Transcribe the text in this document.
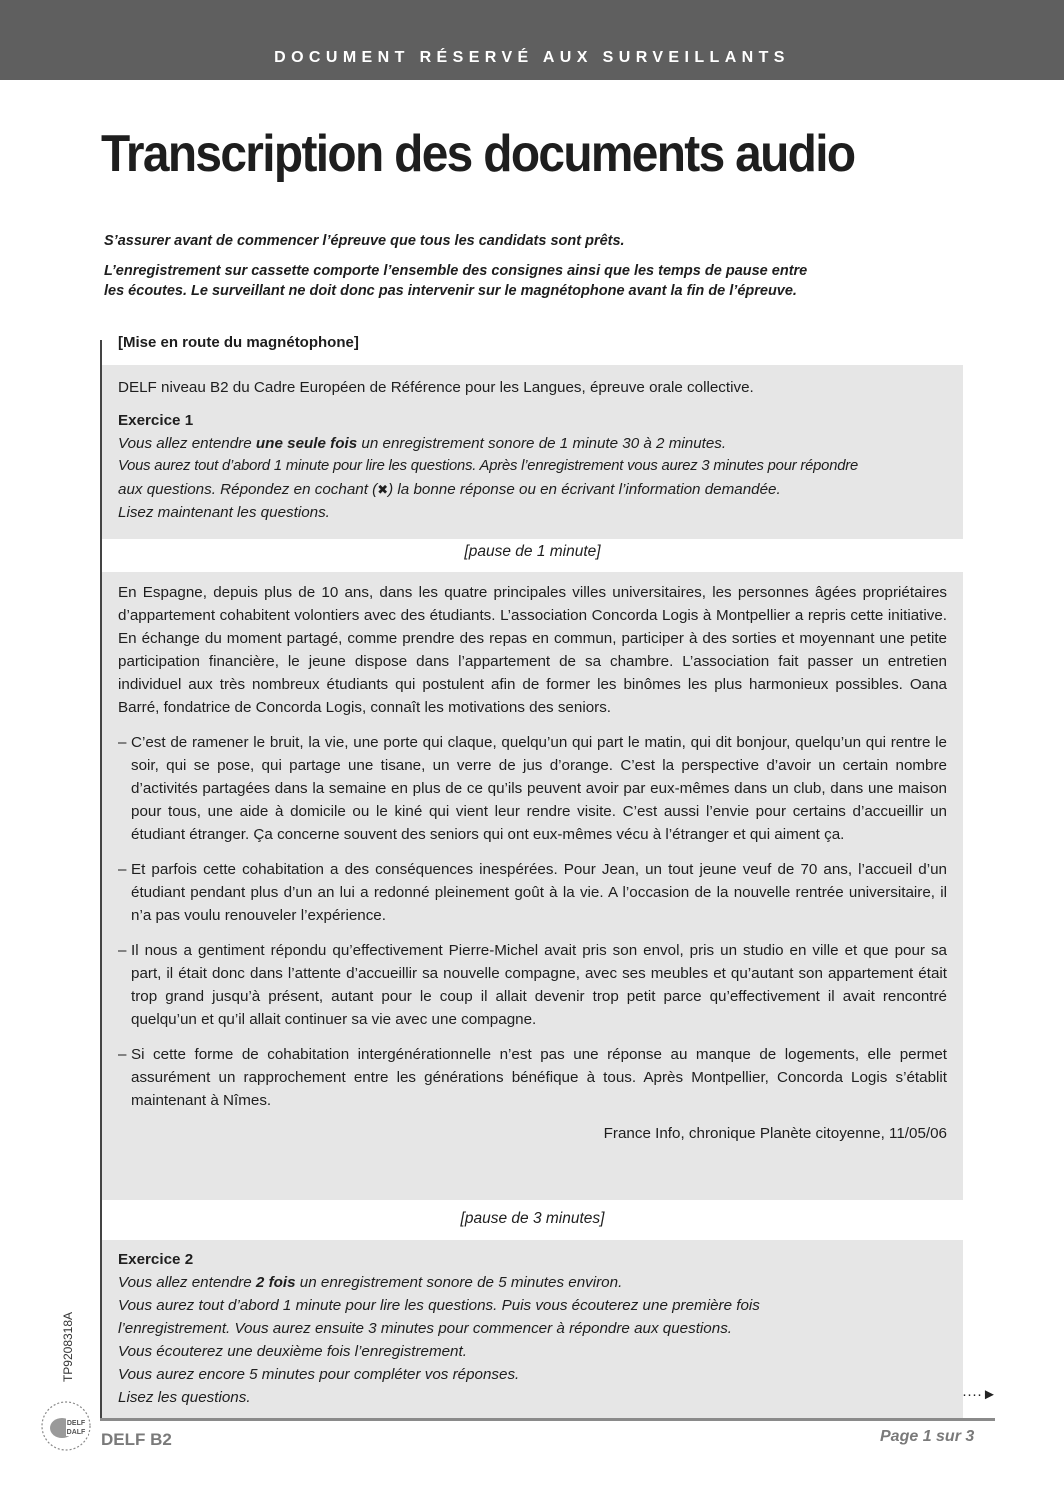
DOCUMENT RÉSERVÉ AUX SURVEILLANTS
Transcription des documents audio

S’assurer avant de commencer l’épreuve que tous les candidats sont prêts.

L’enregistrement sur cassette comporte l’ensemble des consignes ainsi que les temps de pause entre

les écoutes. Le surveillant ne doit donc pas intervenir sur le magnétophone avant la fin de l’épreuve.

[Mise en route du magnétophone]

DELF niveau B2 du Cadre Européen de Référence pour les Langues, épreuve orale collective.

Exercice 1

Vous allez entendre une seule fois un enregistrement sonore de 1 minute 30 à 2 minutes.

Vous aurez tout d’abord 1 minute pour lire les questions. Après l’enregistrement vous aurez 3 minutes pour répondre

aux questions. Répondez en cochant (✖) la bonne réponse ou en écrivant l’information demandée.

Lisez maintenant les questions.

[pause de 1 minute]

En Espagne, depuis plus de 10 ans, dans les quatre principales villes universitaires, les personnes âgées propriétaires d’appartement cohabitent volontiers avec des étudiants. L’association Concorda Logis à Montpellier a repris cette initiative. En échange du moment partagé, comme prendre des repas en commun, participer à des sorties et moyennant une petite participation financière, le jeune dispose dans l’appartement de sa chambre. L’association fait passer un entretien individuel aux très nombreux étudiants qui postulent afin de former les binômes les plus harmonieux possibles. Oana Barré, fondatrice de Concorda Logis, connaît les motivations des seniors.

– C’est de ramener le bruit, la vie, une porte qui claque, quelqu’un qui part le matin, qui dit bonjour, quelqu’un qui rentre le soir, qui se pose, qui partage une tisane, un verre de jus d’orange. C’est la perspective d’avoir un certain nombre d’activités partagées dans la semaine en plus de ce qu’ils peuvent avoir par eux-mêmes dans un club, dans une maison pour tous, une aide à domicile ou le kiné qui vient leur rendre visite. C’est aussi l’envie pour certains d’accueillir un étudiant étranger. Ça concerne souvent des seniors qui ont eux-mêmes vécu à l’étranger et qui aiment ça.

– Et parfois cette cohabitation a des conséquences inespérées. Pour Jean, un tout jeune veuf de 70 ans, l’accueil d’un étudiant pendant plus d’un an lui a redonné pleinement goût à la vie. A l’occasion de la nouvelle rentrée universitaire, il n’a pas voulu renouveler l’expérience.

– Il nous a gentiment répondu qu’effectivement Pierre-Michel avait pris son envol, pris un studio en ville et que pour sa part, il était donc dans l’attente d’accueillir sa nouvelle compagne, avec ses meubles et qu’autant son appartement était trop grand jusqu’à présent, autant pour le coup il allait devenir trop petit parce qu’effectivement il avait rencontré quelqu’un et qu’il allait continuer sa vie avec une compagne.

– Si cette forme de cohabitation intergénérationnelle n’est pas une réponse au manque de logements, elle permet assurément un rapprochement entre les générations bénéfique à tous. Après Montpellier, Concorda Logis s’établit maintenant à Nîmes.

France Info, chronique Planète citoyenne, 11/05/06

[pause de 3 minutes]

Exercice 2

Vous allez entendre 2 fois un enregistrement sonore de 5 minutes environ.

Vous aurez tout d’abord 1 minute pour lire les questions. Puis vous écouterez une première fois

l’enregistrement. Vous aurez ensuite 3 minutes pour commencer à répondre aux questions.

Vous écouterez une deuxième fois l’enregistrement.

Vous aurez encore 5 minutes pour compléter vos réponses.

Lisez les questions.	····►
TP9208318A
DELF
DALF DELF B2	Page 1 sur 3
